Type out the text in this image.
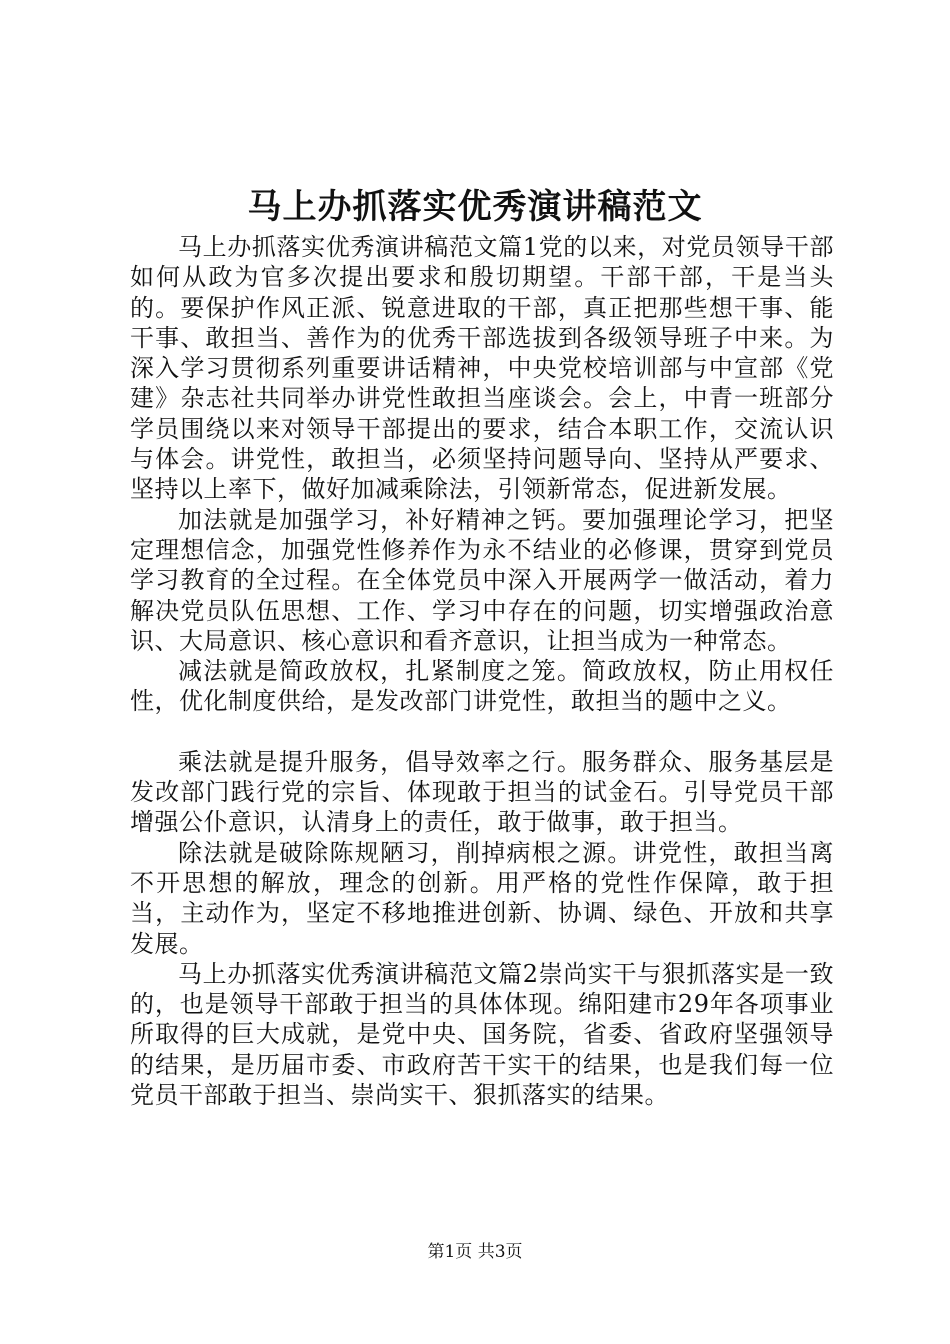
马上办抓落实优秀演讲稿范文

马上办抓落实优秀演讲稿范文篇1党的以来，对党员领导干部如何从政为官多次提出要求和殷切期望。干部干部，干是当头的。要保护作风正派、锐意进取的干部，真正把那些想干事、能干事、敢担当、善作为的优秀干部选拔到各级领导班子中来。为深入学习贯彻系列重要讲话精神，中央党校培训部与中宣部《党建》杂志社共同举办讲党性敢担当座谈会。会上，中青一班部分学员围绕以来对领导干部提出的要求，结合本职工作，交流认识与体会。讲党性，敢担当，必须坚持问题导向、坚持从严要求、坚持以上率下，做好加减乘除法，引领新常态，促进新发展。

加法就是加强学习，补好精神之钙。要加强理论学习，把坚定理想信念，加强党性修养作为永不结业的必修课，贯穿到党员学习教育的全过程。在全体党员中深入开展两学一做活动，着力解决党员队伍思想、工作、学习中存在的问题，切实增强政治意识、大局意识、核心意识和看齐意识，让担当成为一种常态。

减法就是简政放权，扎紧制度之笼。简政放权，防止用权任性，优化制度供给，是发改部门讲党性，敢担当的题中之义。

乘法就是提升服务，倡导效率之行。服务群众、服务基层是发改部门践行党的宗旨、体现敢于担当的试金石。引导党员干部增强公仆意识，认清身上的责任，敢于做事，敢于担当。

除法就是破除陈规陋习，削掉病根之源。讲党性，敢担当离不开思想的解放，理念的创新。用严格的党性作保障，敢于担当，主动作为，坚定不移地推进创新、协调、绿色、开放和共享发展。

马上办抓落实优秀演讲稿范文篇2崇尚实干与狠抓落实是一致的，也是领导干部敢于担当的具体体现。绵阳建市29年各项事业所取得的巨大成就，是党中央、国务院，省委、省政府坚强领导的结果，是历届市委、市政府苦干实干的结果，也是我们每一位党员干部敢于担当、崇尚实干、狠抓落实的结果。

第1页 共3页
